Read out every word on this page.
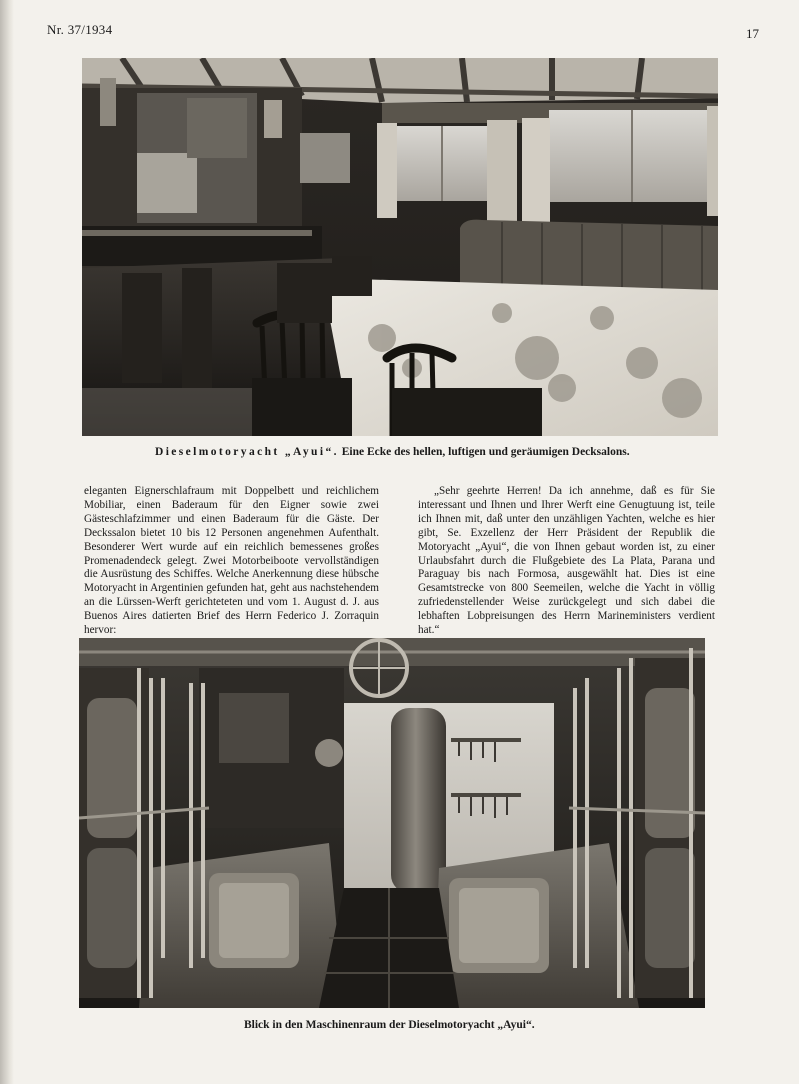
Nr. 37/1934	17
Dieselmotoryacht „Ayui“. Eine Ecke des hellen, luftigen und geräumigen Decksalons.

eleganten Eignerschlafraum mit Doppelbett und reichlichem Mobiliar, einen Baderaum für den Eigner sowie zwei Gästeschlafzimmer und einen Baderaum für die Gäste. Der Deckssalon bietet 10 bis 12 Personen angenehmen Aufenthalt. Besonderer Wert wurde auf ein reichlich bemessenes großes Promenadendeck gelegt. Zwei Motorbeiboote vervollständigen die Ausrüstung des Schiffes. Welche Anerkennung diese hübsche Motoryacht in Argentinien gefunden hat, geht aus nachstehendem an die Lürssen-Werft gerichteteten und vom 1. August d. J. aus Buenos Aires datierten Brief des Herrn Federico J. Zorraquin hervor:

„Sehr geehrte Herren! Da ich annehme, daß es für Sie interessant und Ihnen und Ihrer Werft eine Genugtuung ist, teile ich Ihnen mit, daß unter den unzähligen Yachten, welche es hier gibt, Se. Exzellenz der Herr Präsident der Republik die Motoryacht „Ayui“, die von Ihnen gebaut worden ist, zu einer Urlaubsfahrt durch die Flußgebiete des La Plata, Parana und Paraguay bis nach Formosa, ausgewählt hat. Dies ist eine Gesamtstrecke von 800 Seemeilen, welche die Yacht in völlig zufriedenstellender Weise zurückgelegt und sich dabei die lebhaften Lobpreisungen des Herrn Marineministers verdient hat.“

Blick in den Maschinenraum der Dieselmotoryacht „Ayui“.
